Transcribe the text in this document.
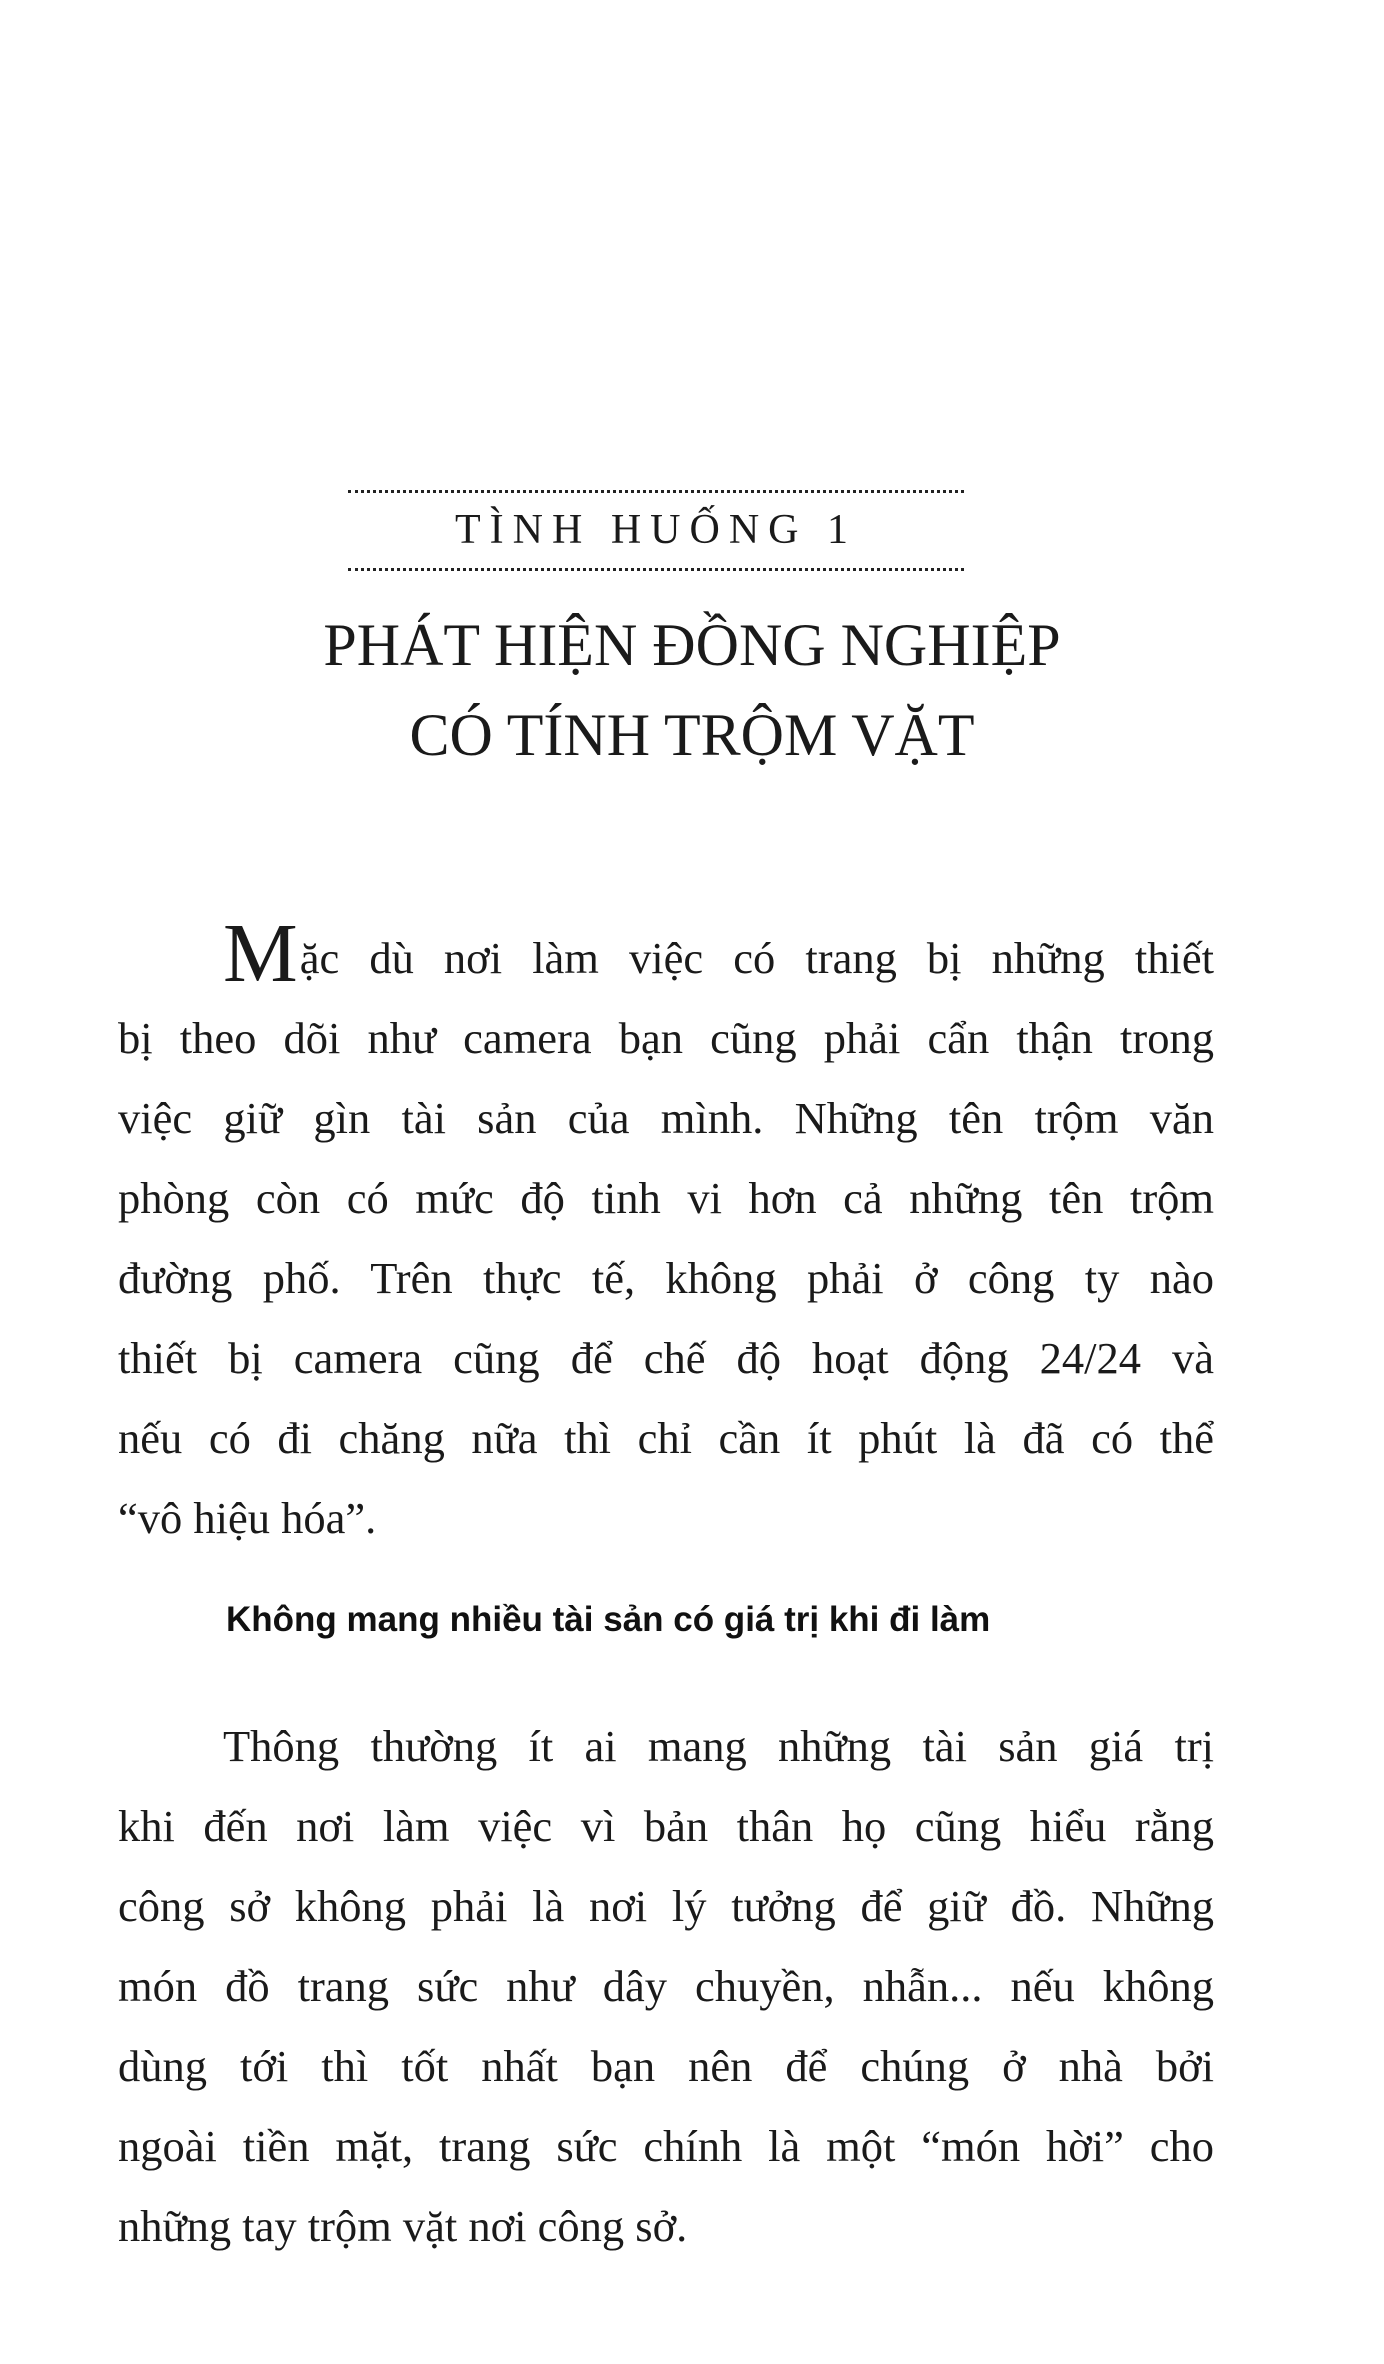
TÌNH HUỐNG 1
PHÁT HIỆN ĐỒNG NGHIỆP
CÓ TÍNH TRỘM VẶT
Mặc dù nơi làm việc có trang bị những thiết
bị theo dõi như camera bạn cũng phải cẩn thận trong
việc giữ gìn tài sản của mình. Những tên trộm văn
phòng còn có mức độ tinh vi hơn cả những tên trộm
đường phố. Trên thực tế, không phải ở công ty nào
thiết bị camera cũng để chế độ hoạt động 24/24 và
nếu có đi chăng nữa thì chỉ cần ít phút là đã có thể
“vô hiệu hóa”.
Không mang nhiều tài sản có giá trị khi đi làm
Thông thường ít ai mang những tài sản giá trị
khi đến nơi làm việc vì bản thân họ cũng hiểu rằng
công sở không phải là nơi lý tưởng để giữ đồ. Những
món đồ trang sức như dây chuyền, nhẫn... nếu không
dùng tới thì tốt nhất bạn nên để chúng ở nhà bởi
ngoài tiền mặt, trang sức chính là một “món hời” cho
những tay trộm vặt nơi công sở.
